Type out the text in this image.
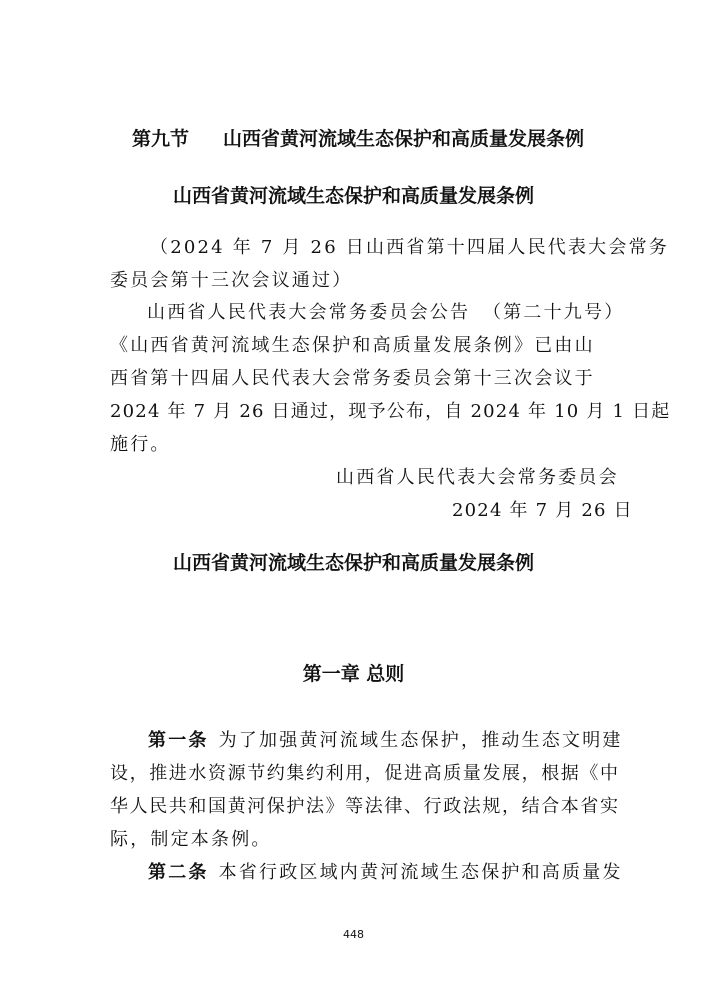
第九节 山西省黄河流域生态保护和高质量发展条例
山西省黄河流域生态保护和高质量发展条例
（2024 年 7 月 26 日山西省第十四届人民代表大会常务
委员会第十三次会议通过）
山西省人民代表大会常务委员会公告 （第二十九号）
《山西省黄河流域生态保护和高质量发展条例》已由山
西省第十四届人民代表大会常务委员会第十三次会议于
2024 年 7 月 26 日通过，现予公布，自 2024 年 10 月 1 日起
施行。
山西省人民代表大会常务委员会
2024 年 7 月 26 日
山西省黄河流域生态保护和高质量发展条例
第一章 总则
第一条 为了加强黄河流域生态保护，推动生态文明建
设，推进水资源节约集约利用，促进高质量发展，根据《中
华人民共和国黄河保护法》等法律、行政法规，结合本省实
际，制定本条例。
第二条 本省行政区域内黄河流域生态保护和高质量发
448
